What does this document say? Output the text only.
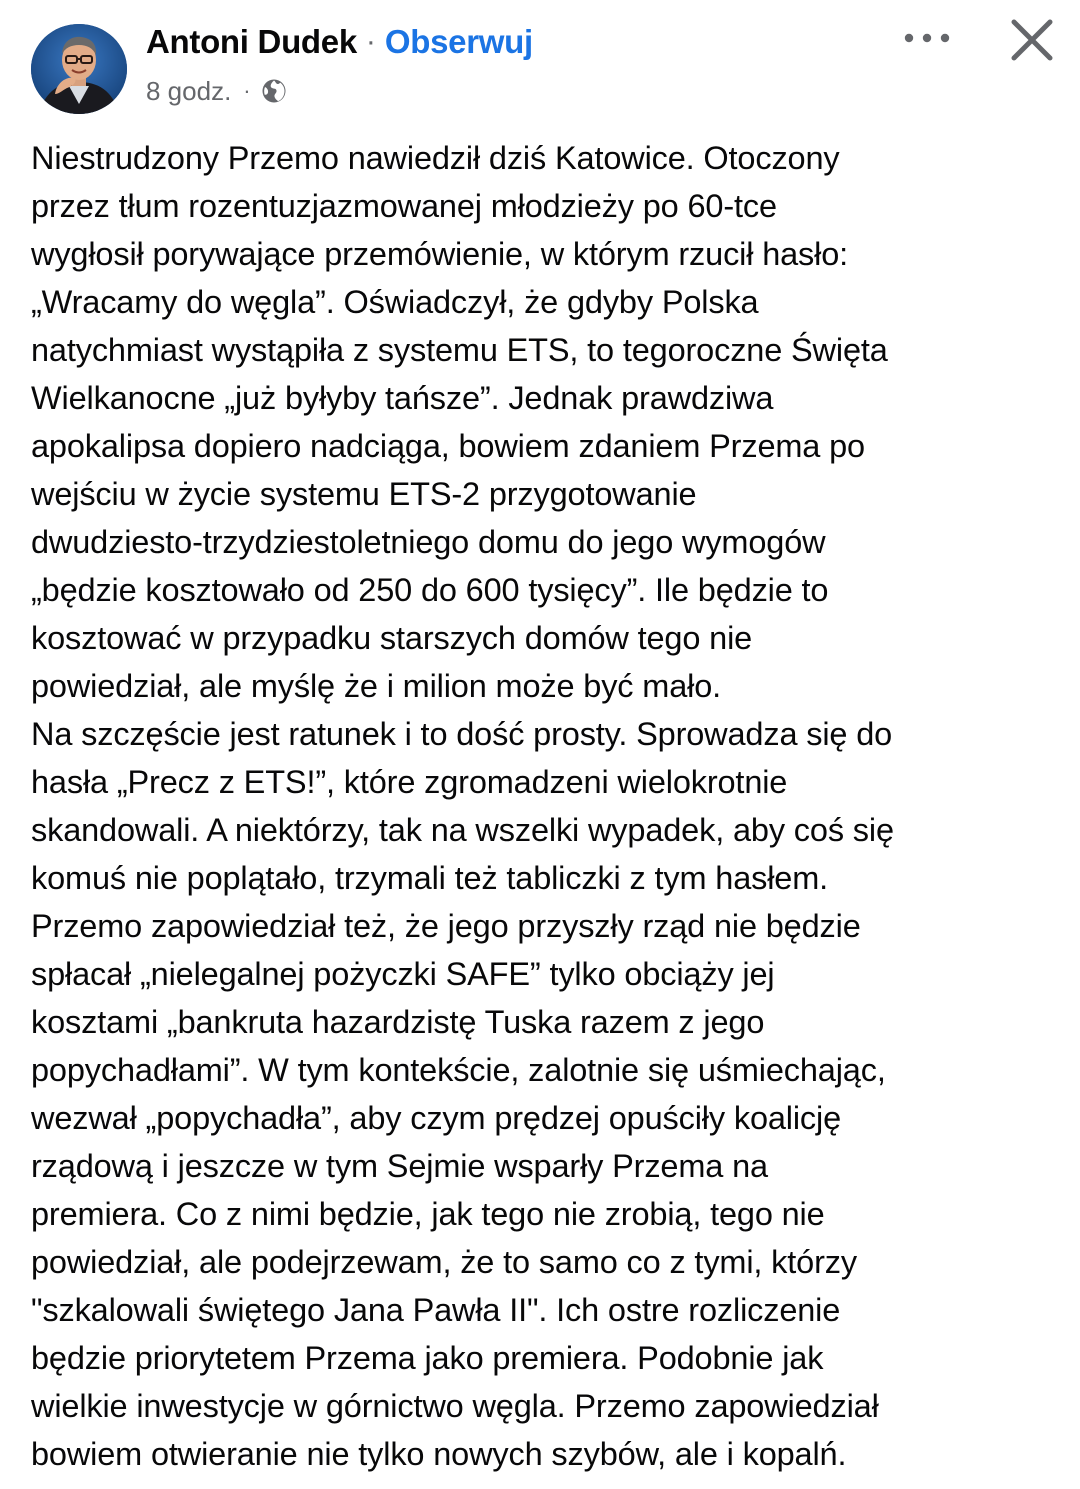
Antoni Dudek · Obserwuj
8 godz. ·
Niestrudzony Przemo nawiedził dziś Katowice. Otoczony
przez tłum rozentuzjazmowanej młodzieży po 60-tce
wygłosił porywające przemówienie, w którym rzucił hasło:
„Wracamy do węgla”. Oświadczył, że gdyby Polska
natychmiast wystąpiła z systemu ETS, to tegoroczne Święta
Wielkanocne „już byłyby tańsze”. Jednak prawdziwa
apokalipsa dopiero nadciąga, bowiem zdaniem Przema po
wejściu w życie systemu ETS-2 przygotowanie
dwudziesto-trzydziestoletniego domu do jego wymogów
„będzie kosztowało od 250 do 600 tysięcy”. Ile będzie to
kosztować w przypadku starszych domów tego nie
powiedział, ale myślę że i milion może być mało.
Na szczęście jest ratunek i to dość prosty. Sprowadza się do
hasła „Precz z ETS!”, które zgromadzeni wielokrotnie
skandowali. A niektórzy, tak na wszelki wypadek, aby coś się
komuś nie poplątało, trzymali też tabliczki z tym hasłem.
Przemo zapowiedział też, że jego przyszły rząd nie będzie
spłacał „nielegalnej pożyczki SAFE” tylko obciąży jej
kosztami „bankruta hazardzistę Tuska razem z jego
popychadłami”. W tym kontekście, zalotnie się uśmiechając,
wezwał „popychadła”, aby czym prędzej opuściły koalicję
rządową i jeszcze w tym Sejmie wsparły Przema na
premiera. Co z nimi będzie, jak tego nie zrobią, tego nie
powiedział, ale podejrzewam, że to samo co z tymi, którzy
"szkalowali świętego Jana Pawła II". Ich ostre rozliczenie
będzie priorytetem Przema jako premiera. Podobnie jak
wielkie inwestycje w górnictwo węgla. Przemo zapowiedział
bowiem otwieranie nie tylko nowych szybów, ale i kopalń.
